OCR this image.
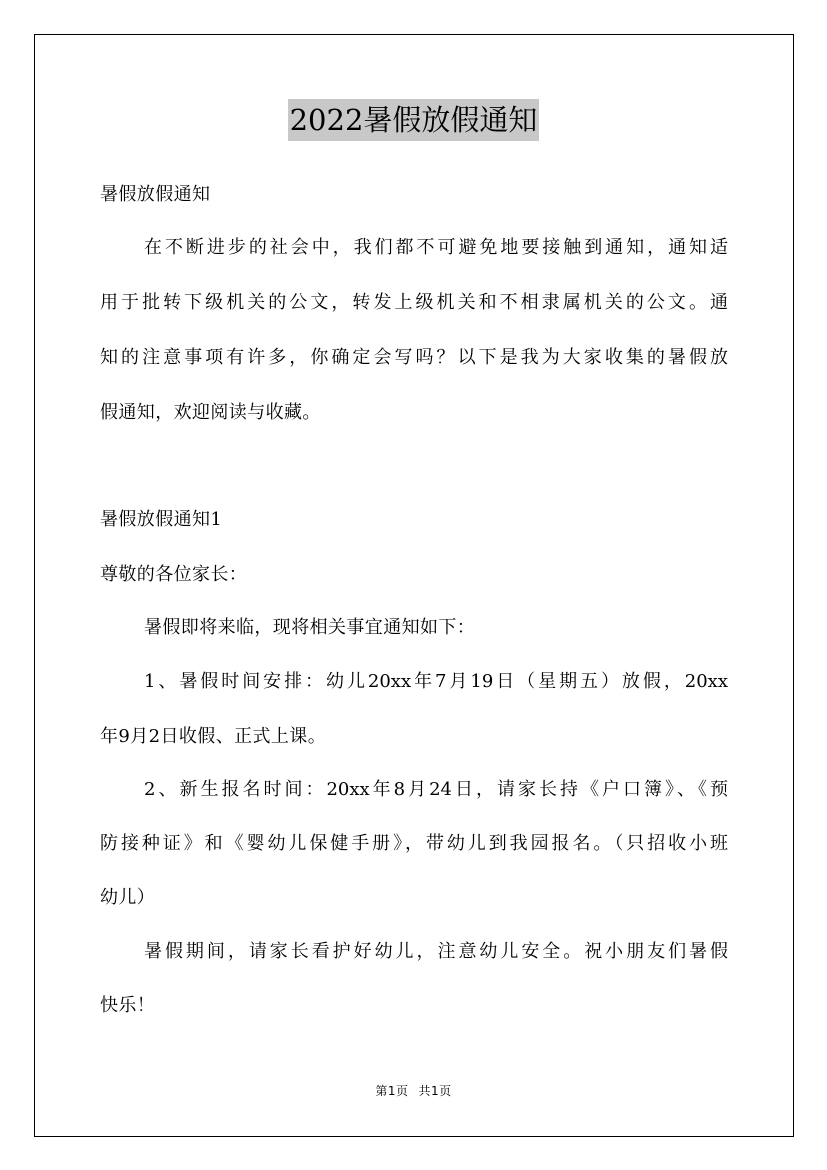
2022暑假放假通知
暑假放假通知
在不断进步的社会中，我们都不可避免地要接触到通知，通知适
用于批转下级机关的公文，转发上级机关和不相隶属机关的公文。通
知的注意事项有许多，你确定会写吗？以下是我为大家收集的暑假放
假通知，欢迎阅读与收藏。
暑假放假通知1
尊敬的各位家长：
暑假即将来临，现将相关事宜通知如下：
1、暑假时间安排：幼儿20xx年7月19日（星期五）放假，20xx
年9月2日收假、正式上课。
2、新生报名时间：20xx年8月24日，请家长持《户口簿》、《预
防接种证》和《婴幼儿保健手册》，带幼儿到我园报名。（只招收小班
幼儿）
暑假期间，请家长看护好幼儿，注意幼儿安全。祝小朋友们暑假
快乐！
第1页 共1页
